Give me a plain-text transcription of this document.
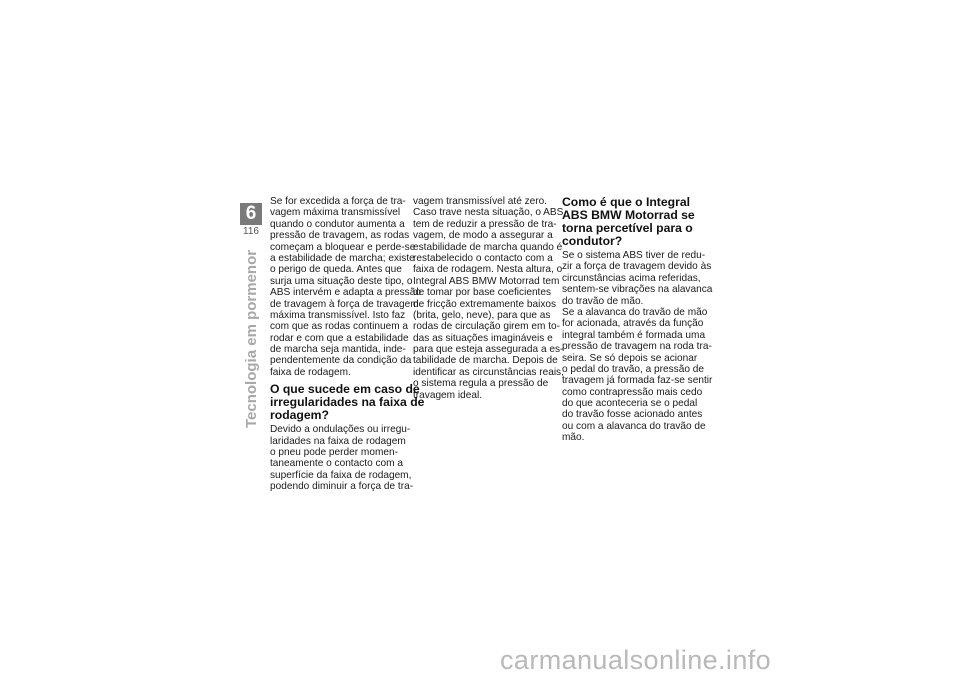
6
116
Tecnologia em pormenor
Se for excedida a força de tra-
vagem máxima transmissível
quando o condutor aumenta a
pressão de travagem, as rodas
começam a bloquear e perde-se
a estabilidade de marcha; existe
o perigo de queda. Antes que
surja uma situação deste tipo, o
ABS intervém e adapta a pressão
de travagem à força de travagem
máxima transmissível. Isto faz
com que as rodas continuem a
rodar e com que a estabilidade
de marcha seja mantida, inde-
pendentemente da condição da
faixa de rodagem.
O que sucede em caso de
irregularidades na faixa de
rodagem?
Devido a ondulações ou irregu-
laridades na faixa de rodagem
o pneu pode perder momen-
taneamente o contacto com a
superfície da faixa de rodagem,
podendo diminuir a força de tra-
vagem transmissível até zero.
Caso trave nesta situação, o ABS
tem de reduzir a pressão de tra-
vagem, de modo a assegurar a
estabilidade de marcha quando é
restabelecido o contacto com a
faixa de rodagem. Nesta altura, o
Integral ABS BMW Motorrad tem
de tomar por base coeficientes
de fricção extremamente baixos
(brita, gelo, neve), para que as
rodas de circulação girem em to-
das as situações imagináveis e
para que esteja assegurada a es-
tabilidade de marcha. Depois de
identificar as circunstâncias reais,
o sistema regula a pressão de
travagem ideal.
Como é que o Integral
ABS BMW Motorrad se
torna percetível para o
condutor?
Se o sistema ABS tiver de redu-
zir a força de travagem devido às
circunstâncias acima referidas,
sentem-se vibrações na alavanca
do travão de mão.
Se a alavanca do travão de mão
for acionada, através da função
integral também é formada uma
pressão de travagem na roda tra-
seira. Se só depois se acionar
o pedal do travão, a pressão de
travagem já formada faz-se sentir
como contrapressão mais cedo
do que aconteceria se o pedal
do travão fosse acionado antes
ou com a alavanca do travão de
mão.
carmanualsonline.info
